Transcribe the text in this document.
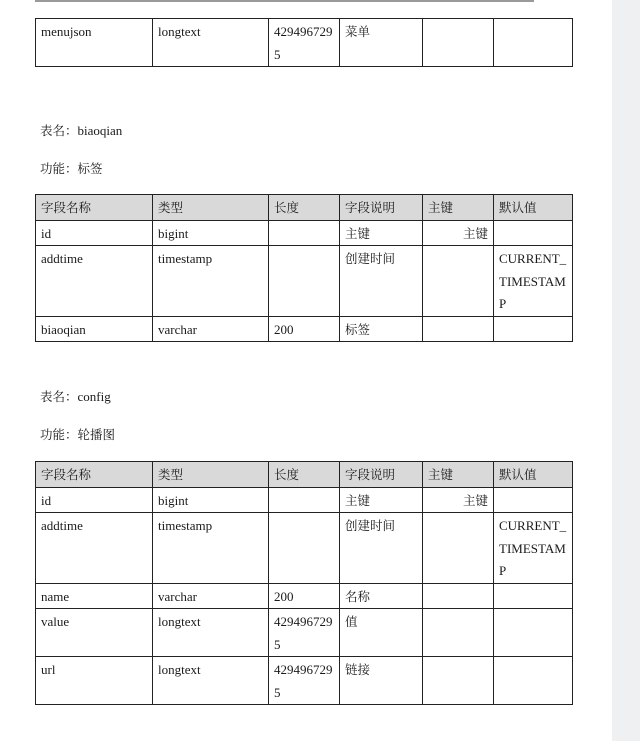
menujson	longtext	4294967295	菜单		
表名：biaoqian
功能：标签
字段名称	类型	长度	字段说明	主键	默认值
id	bigint		主键	主键	
addtime	timestamp		创建时间		CURRENT_TIMESTAMP
biaoqian	varchar	200	标签		
表名：config
功能：轮播图
字段名称	类型	长度	字段说明	主键	默认值
id	bigint		主键	主键	
addtime	timestamp		创建时间		CURRENT_TIMESTAMP
name	varchar	200	名称		
value	longtext	4294967295	值		
url	longtext	4294967295	链接		
